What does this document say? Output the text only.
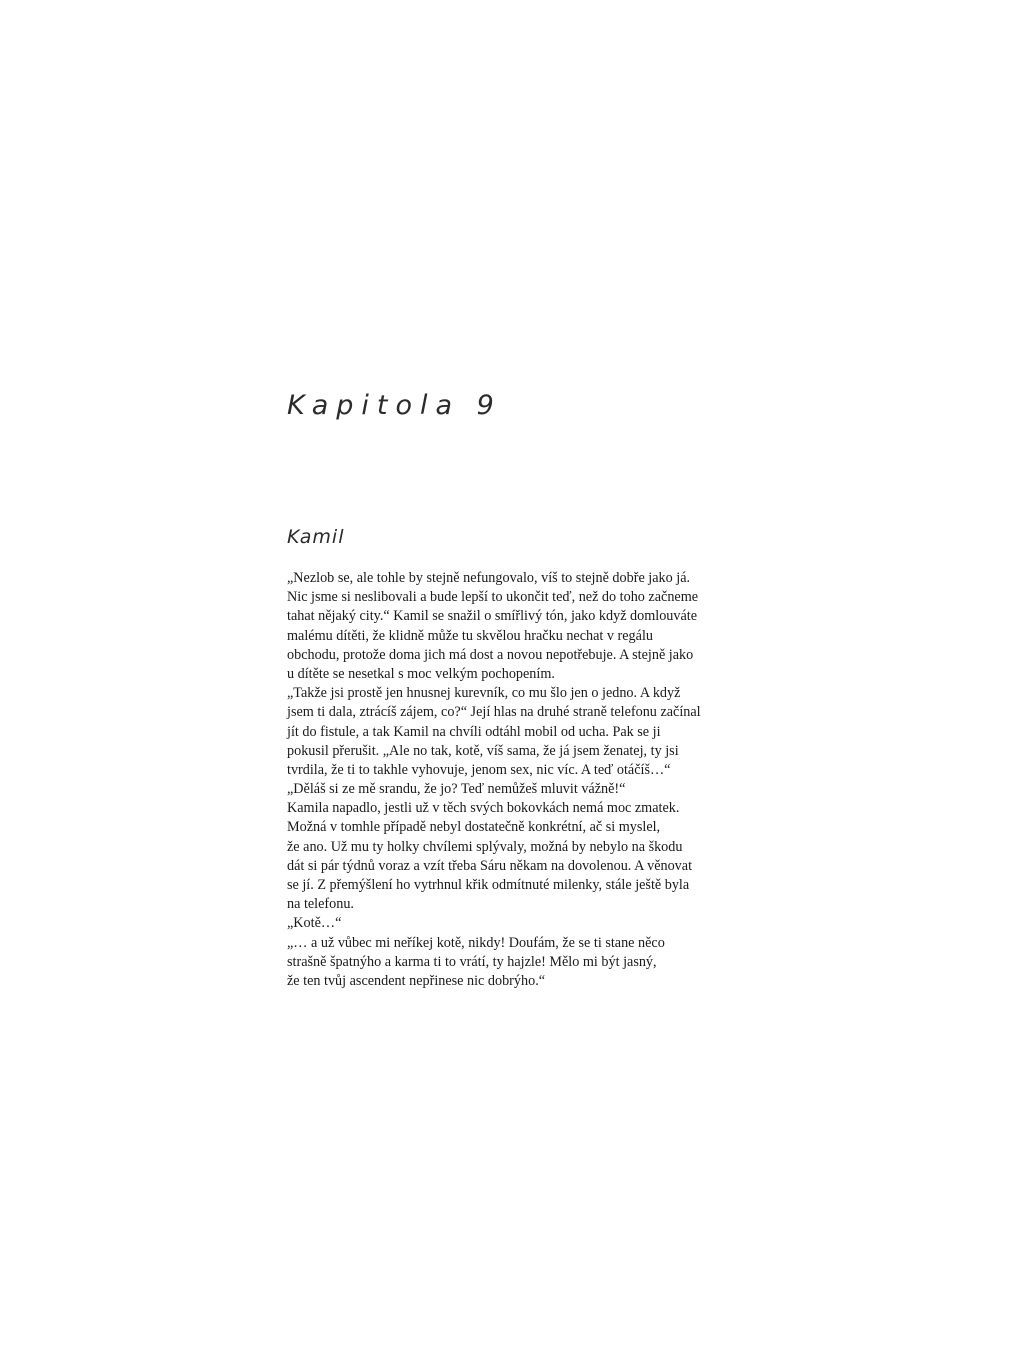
Kapitola 9
Kamil
„Nezlob se, ale tohle by stejně nefungovalo, víš to stejně dobře jako já.
Nic jsme si neslibovali a bude lepší to ukončit teď, než do toho začneme
tahat nějaký city.“ Kamil se snažil o smířlivý tón, jako když domlouváte
malému dítěti, že klidně může tu skvělou hračku nechat v regálu
obchodu, protože doma jich má dost a novou nepotřebuje. A stejně jako
u dítěte se nesetkal s moc velkým pochopením.
„Takže jsi prostě jen hnusnej kurevník, co mu šlo jen o jedno. A když
jsem ti dala, ztrácíš zájem, co?“ Její hlas na druhé straně telefonu začínal
jít do fistule, a tak Kamil na chvíli odtáhl mobil od ucha. Pak se ji
pokusil přerušit. „Ale no tak, kotě, víš sama, že já jsem ženatej, ty jsi
tvrdila, že ti to takhle vyhovuje, jenom sex, nic víc. A teď otáčíš…“
„Děláš si ze mě srandu, že jo? Teď nemůžeš mluvit vážně!“
Kamila napadlo, jestli už v těch svých bokovkách nemá moc zmatek.
Možná v tomhle případě nebyl dostatečně konkrétní, ač si myslel,
že ano. Už mu ty holky chvílemi splývaly, možná by nebylo na škodu
dát si pár týdnů voraz a vzít třeba Sáru někam na dovolenou. A věnovat
se jí. Z přemýšlení ho vytrhnul křik odmítnuté milenky, stále ještě byla
na telefonu.
„Kotě…“
„… a už vůbec mi neříkej kotě, nikdy! Doufám, že se ti stane něco
strašně špatnýho a karma ti to vrátí, ty hajzle! Mělo mi být jasný,
že ten tvůj ascendent nepřinese nic dobrýho.“
